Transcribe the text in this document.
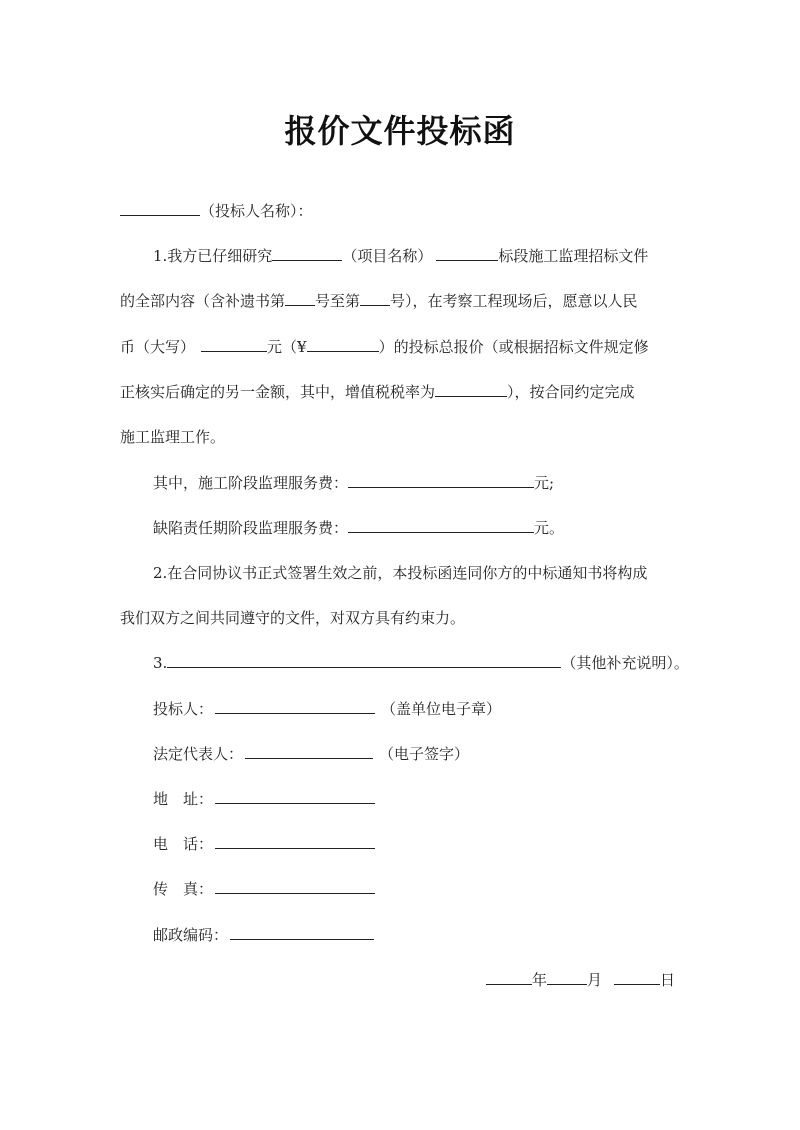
报价文件投标函
（投标人名称）：
1.我方已仔细研究	（项目名称）	标段施工监理招标文件
的全部内容（含补遗书第 号至第 号），在考察工程现场后，愿意以人民
币（大写）	元（¥	）的投标总报价（或根据招标文件规定修
正核实后确定的另一金额，其中，增值税税率为	），按合同约定完成
施工监理工作。
其中，施工阶段监理服务费：	元;
缺陷责任期阶段监理服务费：	元。
2.在合同协议书正式签署生效之前，本投标函连同你方的中标通知书将构成
我们双方之间共同遵守的文件，对双方具有约束力。
3.	（其他补充说明）。
投标人：	（盖单位电子章）
法定代表人：	（电子签字）
地　址：
电　话：
传　真：
邮政编码：
年	月	日
